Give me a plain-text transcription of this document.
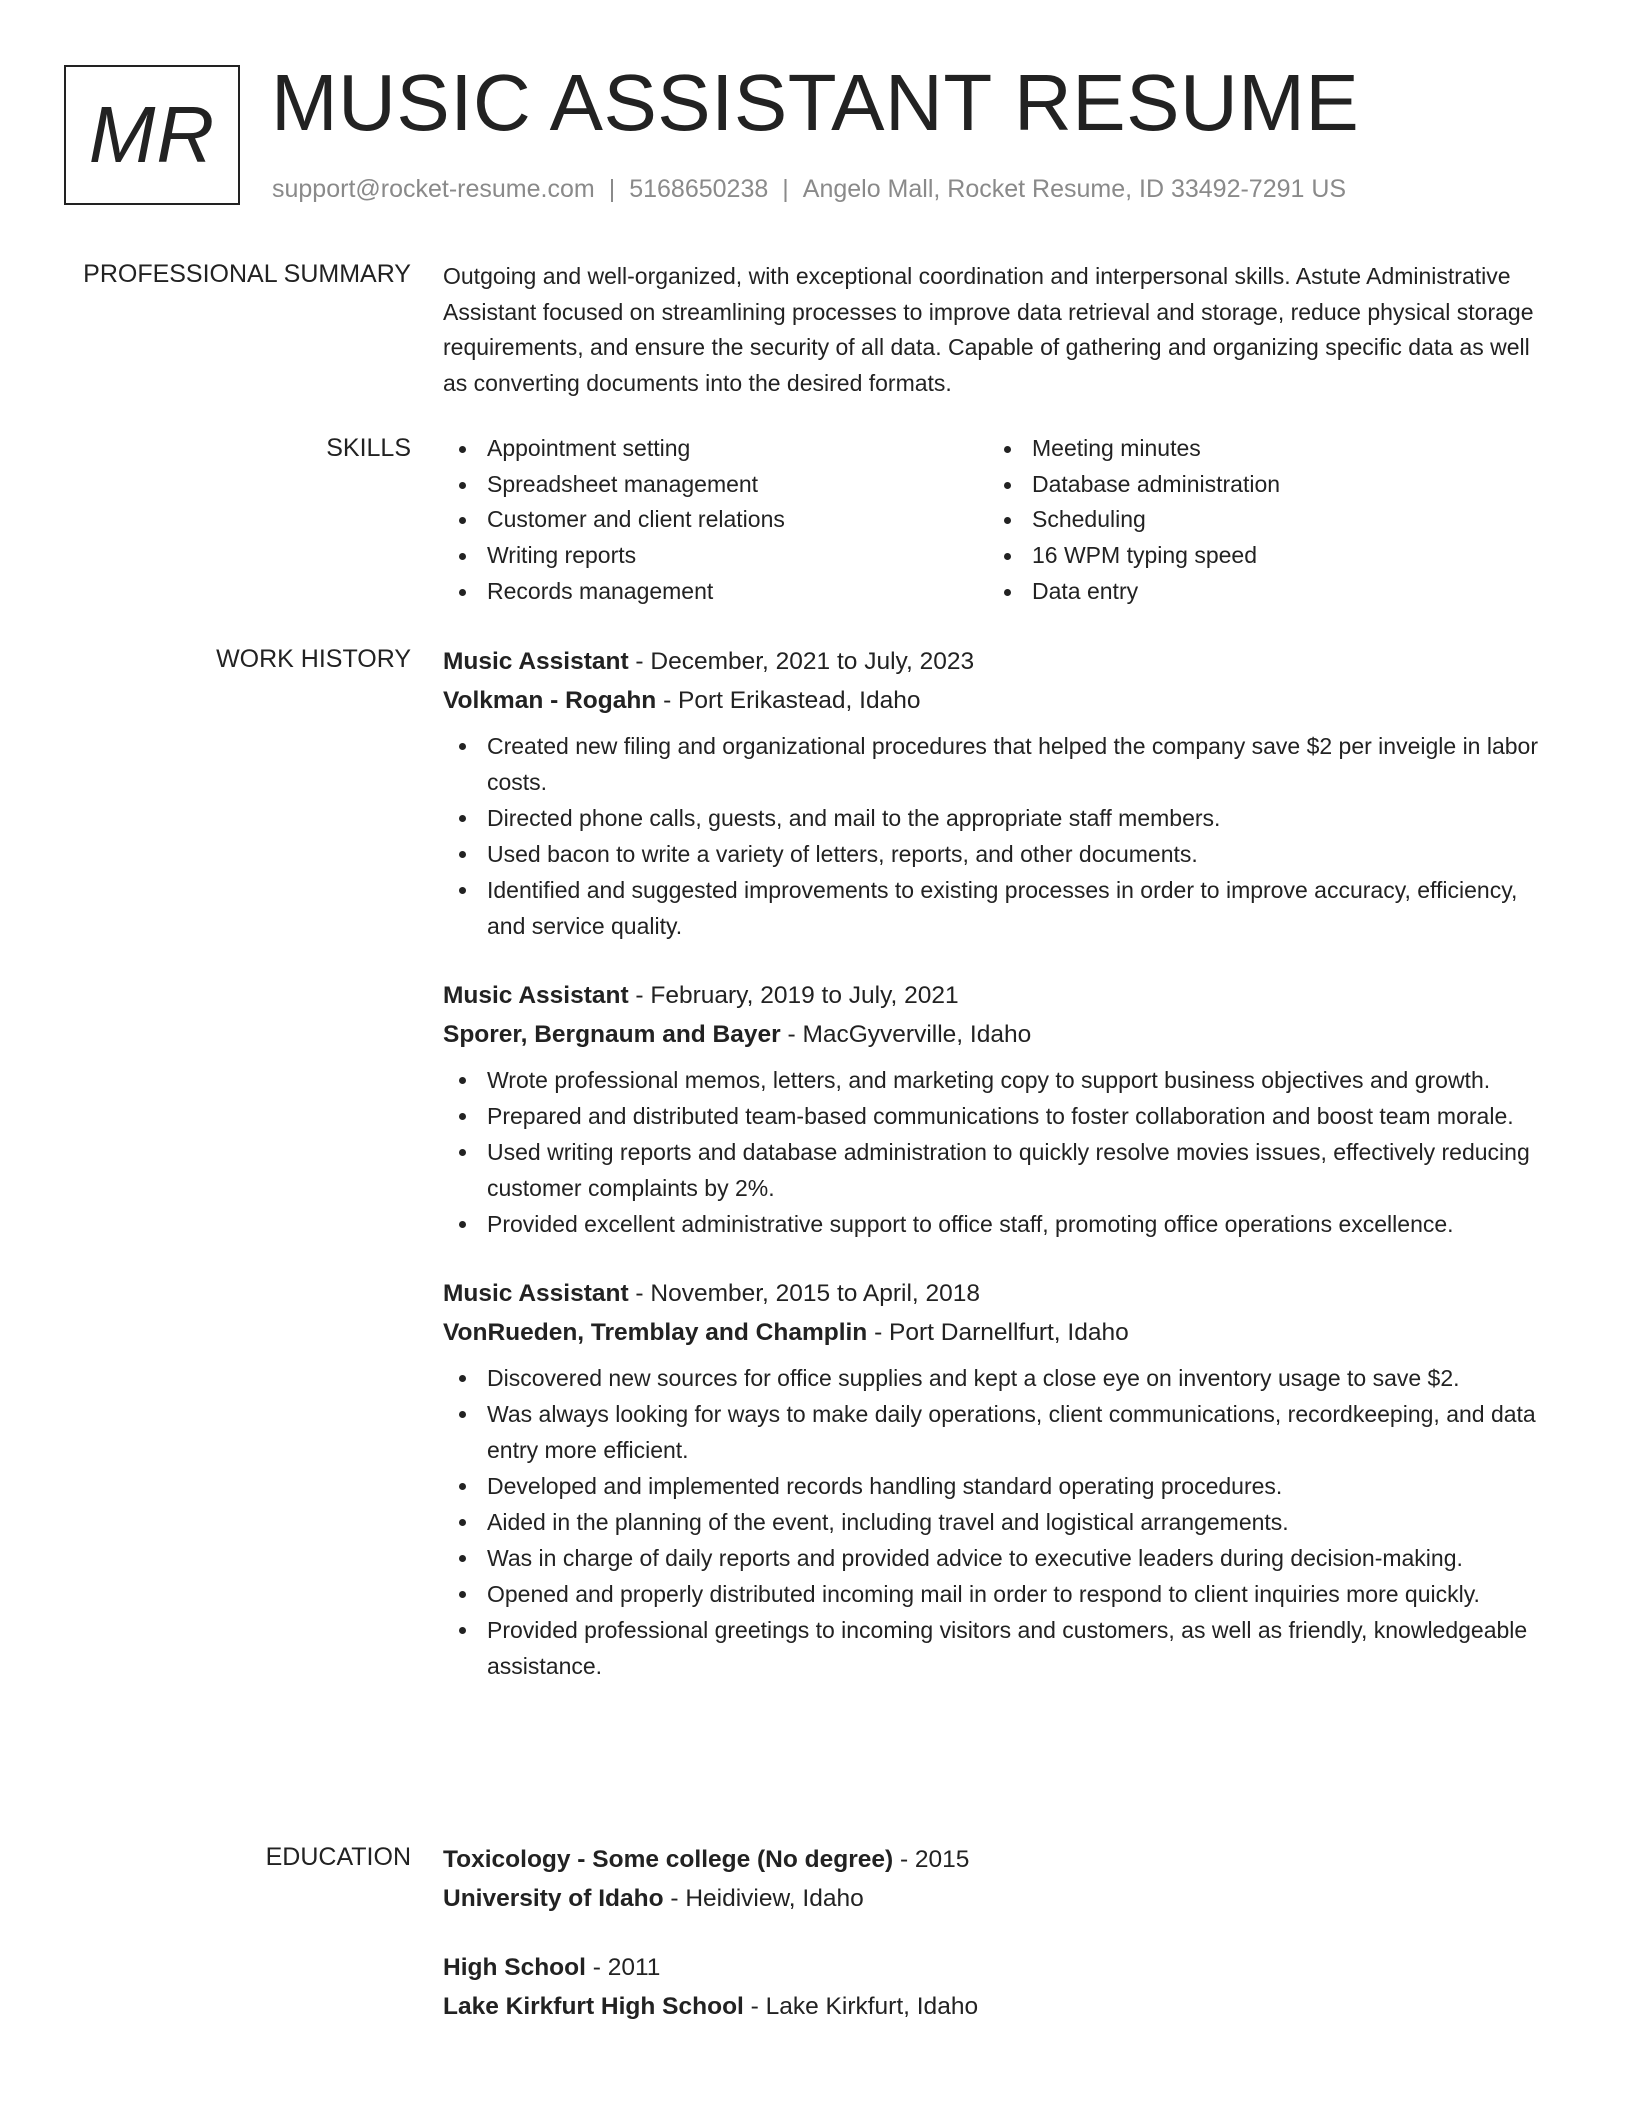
MR MUSIC ASSISTANT RESUME
support@rocket-resume.com | 5168650238 | Angelo Mall, Rocket Resume, ID 33492-7291 US
PROFESSIONAL SUMMARY Outgoing and well-organized, with exceptional coordination and interpersonal skills. Astute Administrative Assistant focused on streamlining processes to improve data retrieval and storage, reduce physical storage requirements, and ensure the security of all data. Capable of gathering and organizing specific data as well as converting documents into the desired formats.

SKILLS	Appointment setting
Spreadsheet management
Customer and client relations
Writing reports
Records management
Meeting minutes
Database administration
Scheduling
16 WPM typing speed
Data entry
WORK HISTORY Music Assistant - December, 2021 to July, 2023
Volkman - Rogahn - Port Erikastead, Idaho
Created new filing and organizational procedures that helped the company save $2 per inveigle in labor costs.
Directed phone calls, guests, and mail to the appropriate staff members.
Used bacon to write a variety of letters, reports, and other documents.
Identified and suggested improvements to existing processes in order to improve accuracy, efficiency, and service quality.
Music Assistant - February, 2019 to July, 2021
Sporer, Bergnaum and Bayer - MacGyverville, Idaho
Wrote professional memos, letters, and marketing copy to support business objectives and growth.
Prepared and distributed team-based communications to foster collaboration and boost team morale.
Used writing reports and database administration to quickly resolve movies issues, effectively reducing customer complaints by 2%.
Provided excellent administrative support to office staff, promoting office operations excellence.
Music Assistant - November, 2015 to April, 2018
VonRueden, Tremblay and Champlin - Port Darnellfurt, Idaho
Discovered new sources for office supplies and kept a close eye on inventory usage to save $2.
Was always looking for ways to make daily operations, client communications, recordkeeping, and data entry more efficient.
Developed and implemented records handling standard operating procedures.
Aided in the planning of the event, including travel and logistical arrangements.
Was in charge of daily reports and provided advice to executive leaders during decision-making.
Opened and properly distributed incoming mail in order to respond to client inquiries more quickly.
Provided professional greetings to incoming visitors and customers, as well as friendly, knowledgeable assistance.
EDUCATION Toxicology - Some college (No degree) - 2015
University of Idaho - Heidiview, Idaho
High School - 2011
Lake Kirkfurt High School - Lake Kirkfurt, Idaho
